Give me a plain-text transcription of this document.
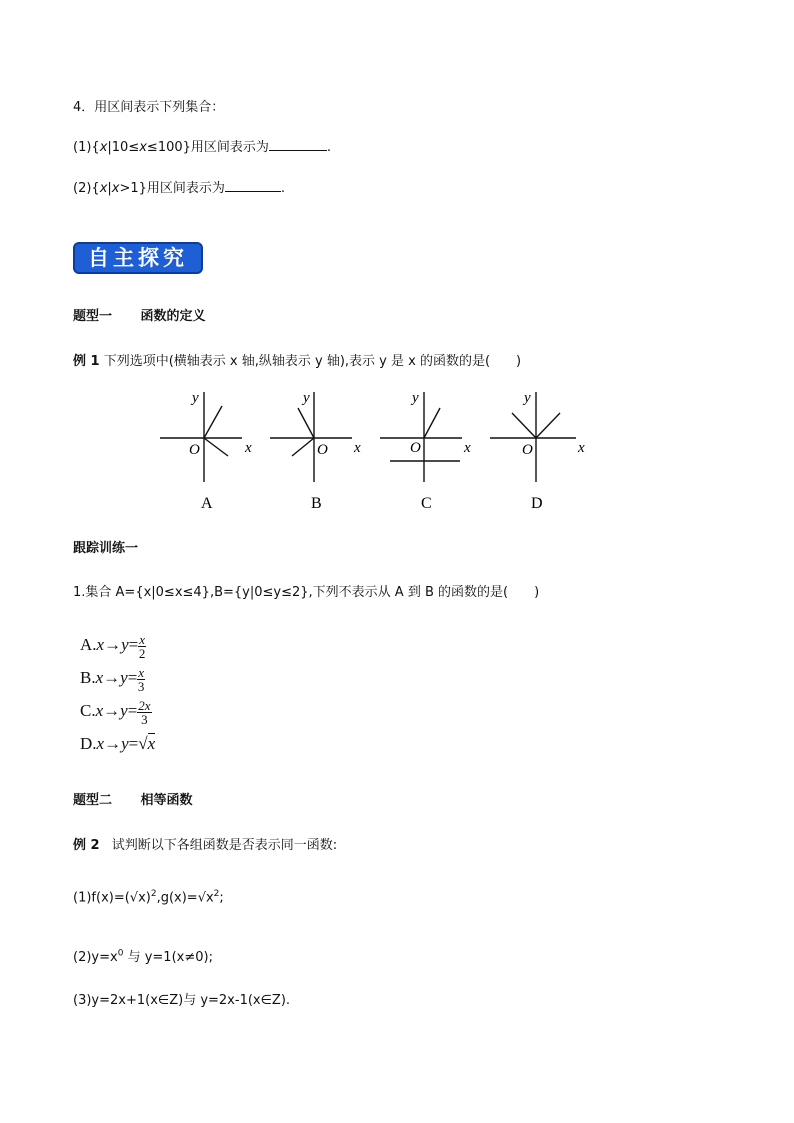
4．用区间表示下列集合：
(1){x|10≤x≤100}用区间表示为	.
(2){x|x>1}用区间表示为	.
自主探究
题型一 函数的定义
例 1 下列选项中(横轴表示 x 轴,纵轴表示 y 轴),表示 y 是 x 的函数的是(　　)
y
x
O
A
y
x
O
B
y
x
O
C
y
x
O
D
跟踪训练一
1.集合 A={x|0≤x≤4},B={y|0≤y≤2},下列不表示从 A 到 B 的函数的是(　　)
$A.x\to y= \frac{x}{2}$
$B.x\to y= \frac{x}{3}$
$C.x\to y= \frac{2x}{3}$
D.x→y=√x
题型二 相等函数
例 2 试判断以下各组函数是否表示同一函数:
$(1)f(x)=(√x)^2,g(x)=√x^2$;
$(2)y=x^0$ 与 y=1(x≠0);
(3)y=2x+1(x∈Z)与 y=2x-1(x∈Z).
